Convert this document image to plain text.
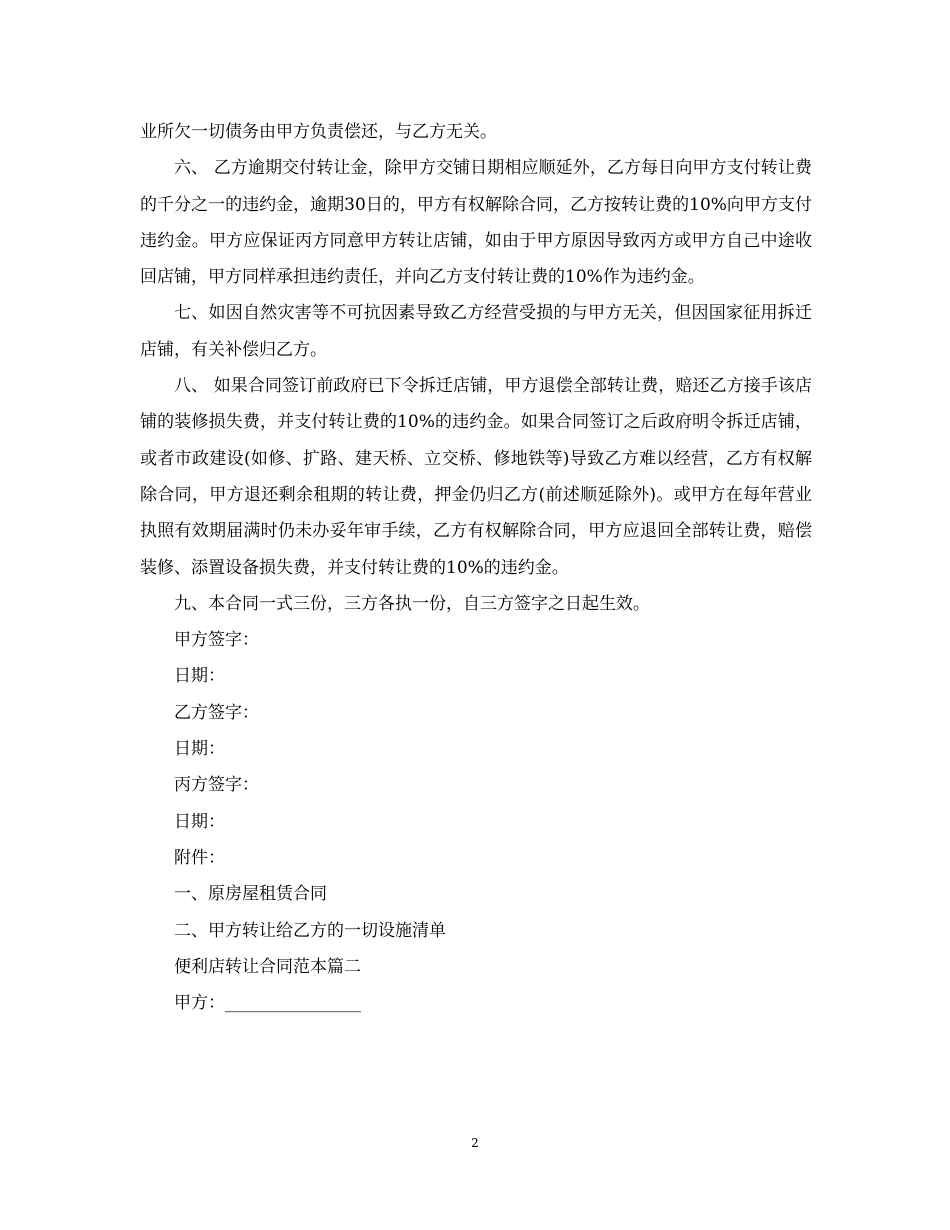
业所欠一切债务由甲方负责偿还，与乙方无关。

六、 乙方逾期交付转让金，除甲方交铺日期相应顺延外，乙方每日向甲方支付转让费的千分之一的违约金，逾期30日的，甲方有权解除合同，乙方按转让费的10%向甲方支付违约金。甲方应保证丙方同意甲方转让店铺，如由于甲方原因导致丙方或甲方自己中途收回店铺，甲方同样承担违约责任，并向乙方支付转让费的10%作为违约金。

七、如因自然灾害等不可抗因素导致乙方经营受损的与甲方无关，但因国家征用拆迁店铺，有关补偿归乙方。

八、 如果合同签订前政府已下令拆迁店铺，甲方退偿全部转让费，赔还乙方接手该店铺的装修损失费，并支付转让费的10%的违约金。如果合同签订之后政府明令拆迁店铺，或者市政建设(如修、扩路、建天桥、立交桥、修地铁等)导致乙方难以经营，乙方有权解除合同，甲方退还剩余租期的转让费，押金仍归乙方(前述顺延除外)。或甲方在每年营业执照有效期届满时仍未办妥年审手续，乙方有权解除合同，甲方应退回全部转让费，赔偿装修、添置设备损失费，并支付转让费的10%的违约金。

九、本合同一式三份，三方各执一份，自三方签字之日起生效。

甲方签字：

日期：

乙方签字：

日期：

丙方签字：

日期：

附件：

一、原房屋租赁合同

二、甲方转让给乙方的一切设施清单

便利店转让合同范本篇二

甲方：________________

2
